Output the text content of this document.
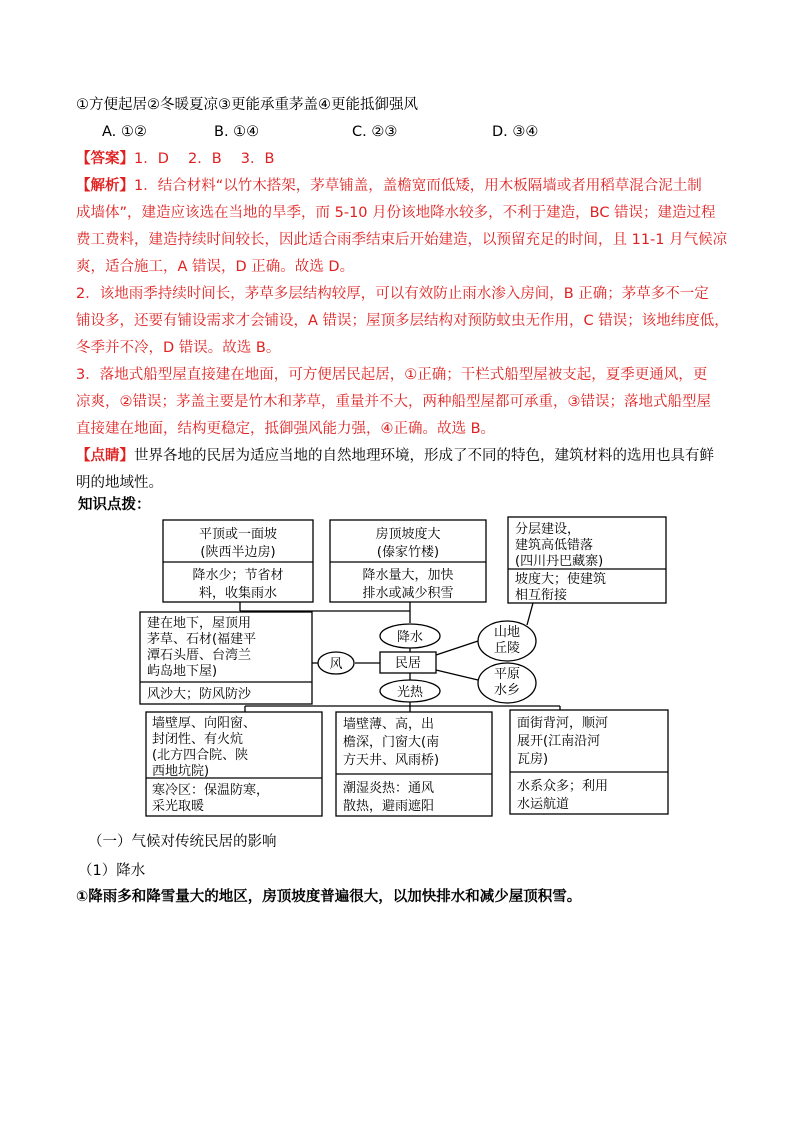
①方便起居②冬暖夏凉③更能承重茅盖④更能抵御强风
A. ①②	B. ①④	C. ②③	D. ③④
【答案】1．D　 2．B　 3．B
【解析】1．结合材料“以竹木搭架，茅草铺盖，盖檐宽而低矮，用木板隔墙或者用稻草混合泥土制
成墙体”，建造应该选在当地的旱季，而 5-10 月份该地降水较多，不利于建造，BC 错误；建造过程
费工费料，建造持续时间较长，因此适合雨季结束后开始建造，以预留充足的时间，且 11-1 月气候凉
爽，适合施工，A 错误，D 正确。故选 D。
2．该地雨季持续时间长，茅草多层结构较厚，可以有效防止雨水渗入房间，B 正确；茅草多不一定
铺设多，还要有铺设需求才会铺设，A 错误；屋顶多层结构对预防蚊虫无作用，C 错误；该地纬度低，
冬季并不冷，D 错误。故选 B。
3．落地式船型屋直接建在地面，可方便居民起居，①正确；干栏式船型屋被支起，夏季更通风，更
凉爽，②错误；茅盖主要是竹木和茅草，重量并不大，两种船型屋都可承重，③错误；落地式船型屋
直接建在地面，结构更稳定，抵御强风能力强，④正确。故选 B。
【点睛】世界各地的民居为适应当地的自然地理环境，形成了不同的特色，建筑材料的选用也具有鲜
明的地域性。
知识点拨：
平顶或一面坡
(陕西半边房)
降水少；节省材
料，收集雨水
房顶坡度大
(傣家竹楼)
降水量大，加快
排水或减少积雪
分层建设，
建筑高低错落
(四川丹巴藏寨)
坡度大；使建筑
相互衔接
建在地下，屋顶用
茅草、石材(福建平
潭石头厝、台湾兰
屿岛地下屋)
风沙大；防风防沙
降水
风	民居
光热
山地
丘陵
平原
水乡
墙壁厚、向阳窗、
封闭性、有火炕
(北方四合院、陕
西地坑院)
寒冷区：保温防寒，
采光取暖
墙壁薄、高，出
檐深，门窗大(南
方天井、风雨桥)
潮湿炎热：通风
散热，避雨遮阳
面街背河，顺河
展开(江南沿河
瓦房)
水系众多；利用
水运航道
（一）气候对传统民居的影响
（1）降水
①降雨多和降雪量大的地区，房顶坡度普遍很大，以加快排水和减少屋顶积雪。
